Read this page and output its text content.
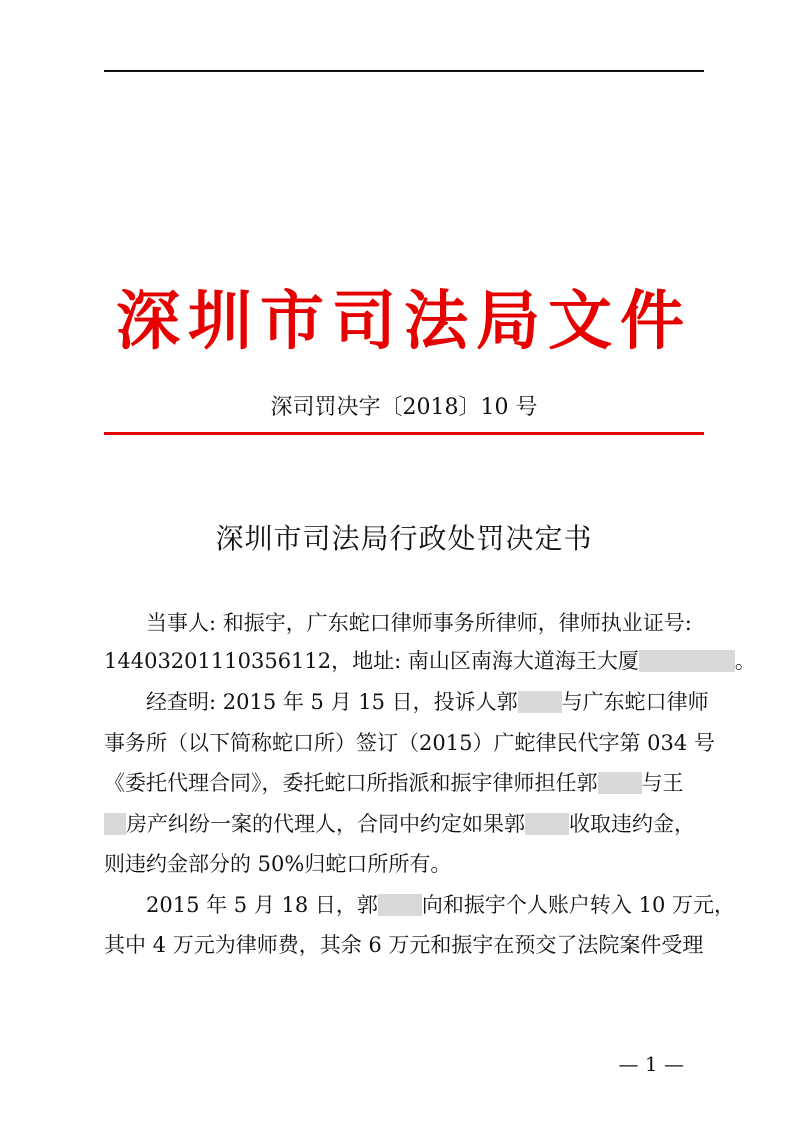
深圳市司法局文件
深司罚决字〔2018〕10 号
深圳市司法局行政处罚决定书
当事人: 和振宇，广东蛇口律师事务所律师，律师执业证号:
14403201110356112，地址: 南山区南海大道海王大厦	。
经查明: 2015 年 5 月 15 日，投诉人郭 与广东蛇口律师
事务所（以下简称蛇口所）签订（2015）广蛇律民代字第 034 号
《委托代理合同》，委托蛇口所指派和振宇律师担任郭 与王
房产纠纷一案的代理人，合同中约定如果郭 收取违约金，
则违约金部分的 50%归蛇口所所有。
2015 年 5 月 18 日，郭 向和振宇个人账户转入 10 万元，
其中 4 万元为律师费，其余 6 万元和振宇在预交了法院案件受理
— 1 —
